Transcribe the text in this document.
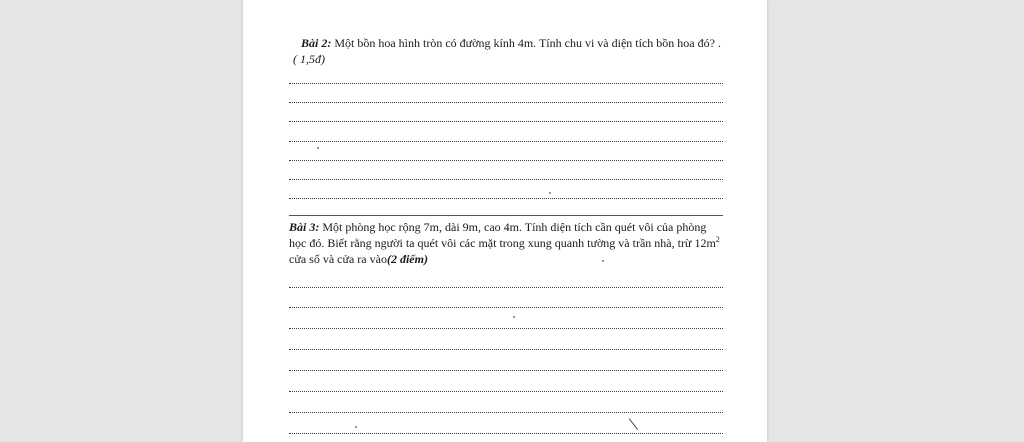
Bài 2: Một bồn hoa hình tròn có đường kính 4m. Tính chu vi và diện tích bồn hoa đó? .
( 1,5đ)
Bài 3: Một phòng học rộng 7m, dài 9m, cao 4m. Tính diện tích cần quét vôi của phòng
học đó. Biết rằng người ta quét vôi các mặt trong xung quanh tường và trần nhà, trừ $12m^2$
cửa sổ và cửa ra vào(2 điểm)
